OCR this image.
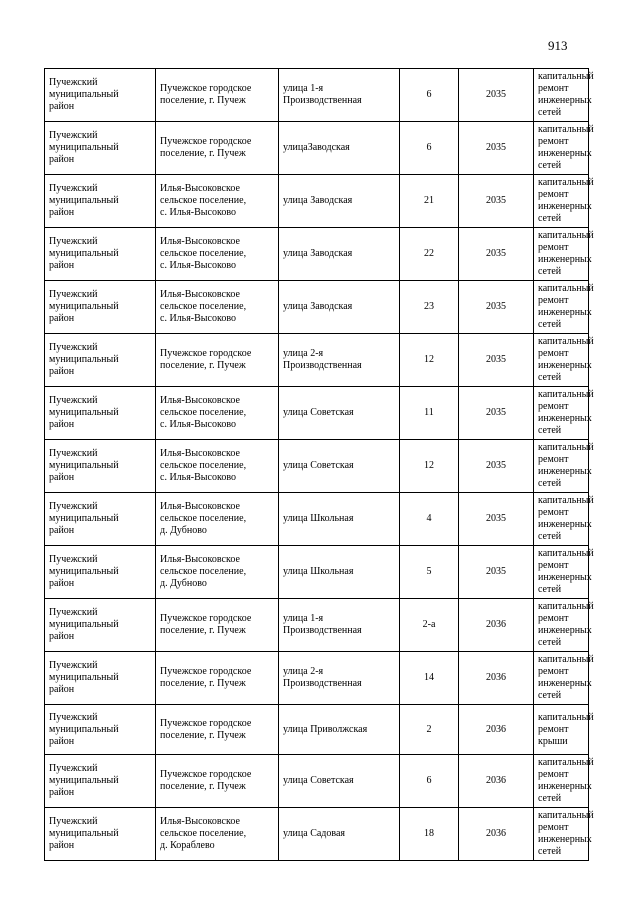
913
Пучежский
муниципальный
район	Пучежское городское
поселение, г. Пучеж	улица 1-я
Производственная	6	2035	капитальный
ремонт
инженерных
сетей
Пучежский
муниципальный
район	Пучежское городское
поселение, г. Пучеж	улицаЗаводская	6	2035	капитальный
ремонт
инженерных
сетей
Пучежский
муниципальный
район	Илья-Высоковское
сельское поселение,
с. Илья-Высоково	улица Заводская	21	2035	капитальный
ремонт
инженерных
сетей
Пучежский
муниципальный
район	Илья-Высоковское
сельское поселение,
с. Илья-Высоково	улица Заводская	22	2035	капитальный
ремонт
инженерных
сетей
Пучежский
муниципальный
район	Илья-Высоковское
сельское поселение,
с. Илья-Высоково	улица Заводская	23	2035	капитальный
ремонт
инженерных
сетей
Пучежский
муниципальный
район	Пучежское городское
поселение, г. Пучеж	улица 2-я
Производственная	12	2035	капитальный
ремонт
инженерных
сетей
Пучежский
муниципальный
район	Илья-Высоковское
сельское поселение,
с. Илья-Высоково	улица Советская	11	2035	капитальный
ремонт
инженерных
сетей
Пучежский
муниципальный
район	Илья-Высоковское
сельское поселение,
с. Илья-Высоково	улица Советская	12	2035	капитальный
ремонт
инженерных
сетей
Пучежский
муниципальный
район	Илья-Высоковское
сельское поселение,
д. Дубново	улица Школьная	4	2035	капитальный
ремонт
инженерных
сетей
Пучежский
муниципальный
район	Илья-Высоковское
сельское поселение,
д. Дубново	улица Школьная	5	2035	капитальный
ремонт
инженерных
сетей
Пучежский
муниципальный
район	Пучежское городское
поселение, г. Пучеж	улица 1-я
Производственная	2-а	2036	капитальный
ремонт
инженерных
сетей
Пучежский
муниципальный
район	Пучежское городское
поселение, г. Пучеж	улица 2-я
Производственная	14	2036	капитальный
ремонт
инженерных
сетей
Пучежский
муниципальный
район	Пучежское городское
поселение, г. Пучеж	улица Приволжская	2	2036	капитальный
ремонт крыши
Пучежский
муниципальный
район	Пучежское городское
поселение, г. Пучеж	улица Советская	6	2036	капитальный
ремонт
инженерных
сетей
Пучежский
муниципальный
район	Илья-Высоковское
сельское поселение,
д. Кораблево	улица Садовая	18	2036	капитальный
ремонт
инженерных
сетей
